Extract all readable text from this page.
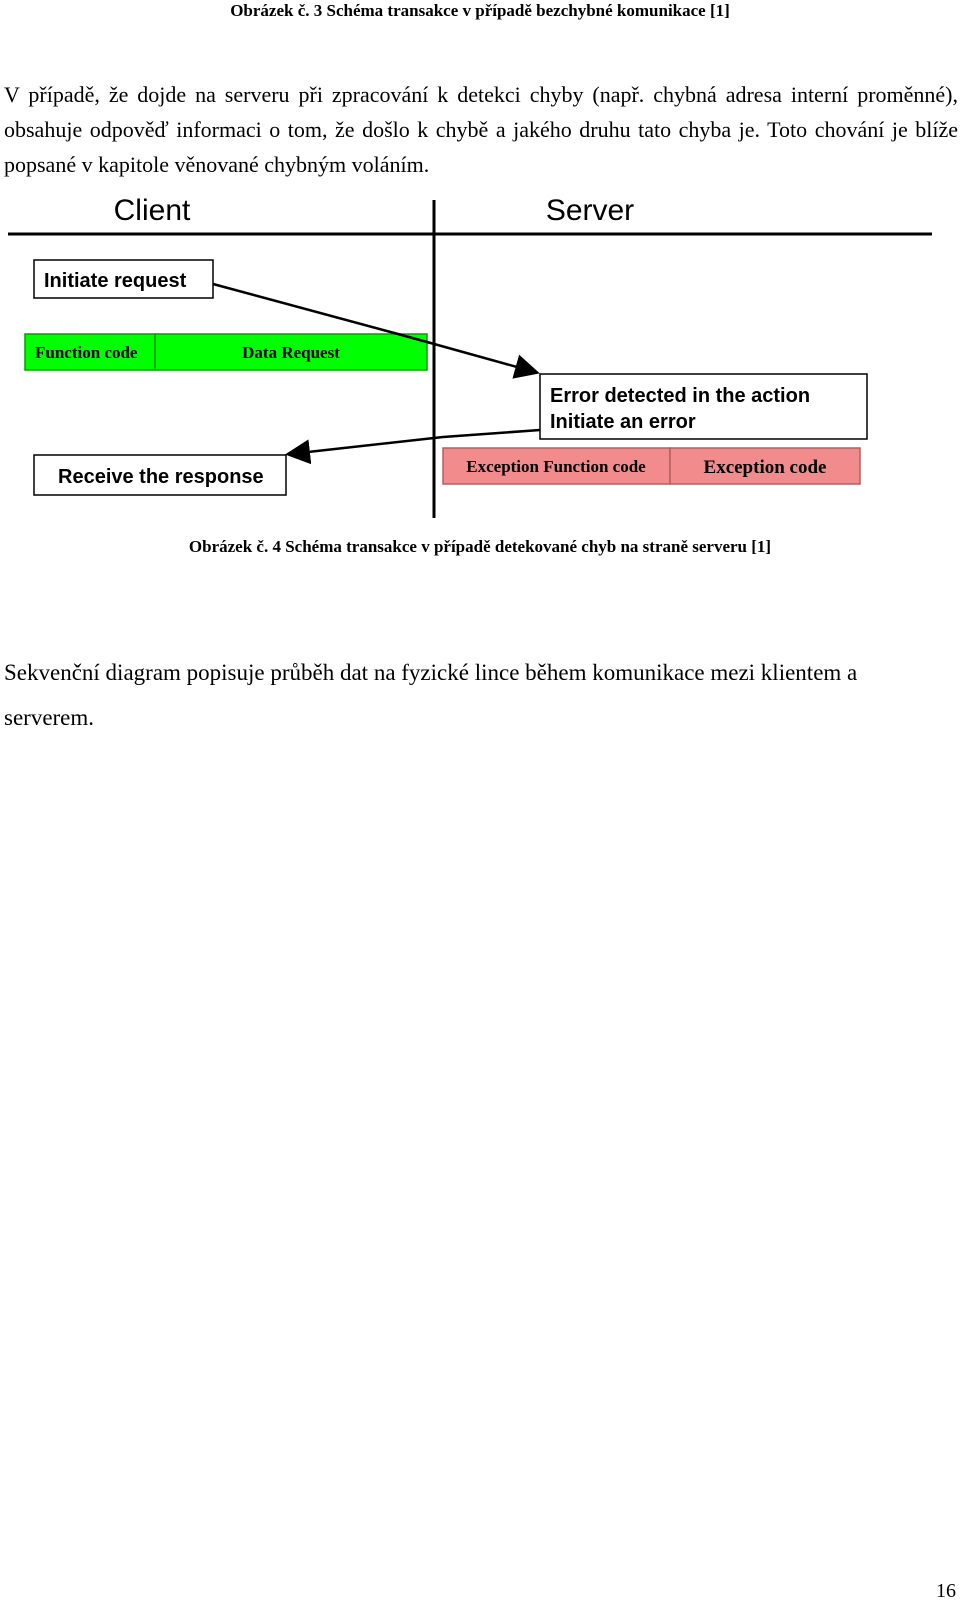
Obrázek č. 3 Schéma transakce v případě bezchybné komunikace [1]
V případě, že dojde na serveru při zpracování k detekci chyby (např. chybná adresa interní proměnné), obsahuje odpověď informaci o tom, že došlo k chybě a jakého druhu tato chyba je. Toto chování je blíže popsané v kapitole věnované chybným voláním.
Client	Server
Initiate request
Function code	Data Request
Error detected in the action
Initiate an error
Exception Function code	Exception code
Receive the response
Obrázek č. 4 Schéma transakce v případě detekované chyb na straně serveru [1]
Sekvenční diagram popisuje průběh dat na fyzické lince během komunikace mezi klientem a serverem.
16
